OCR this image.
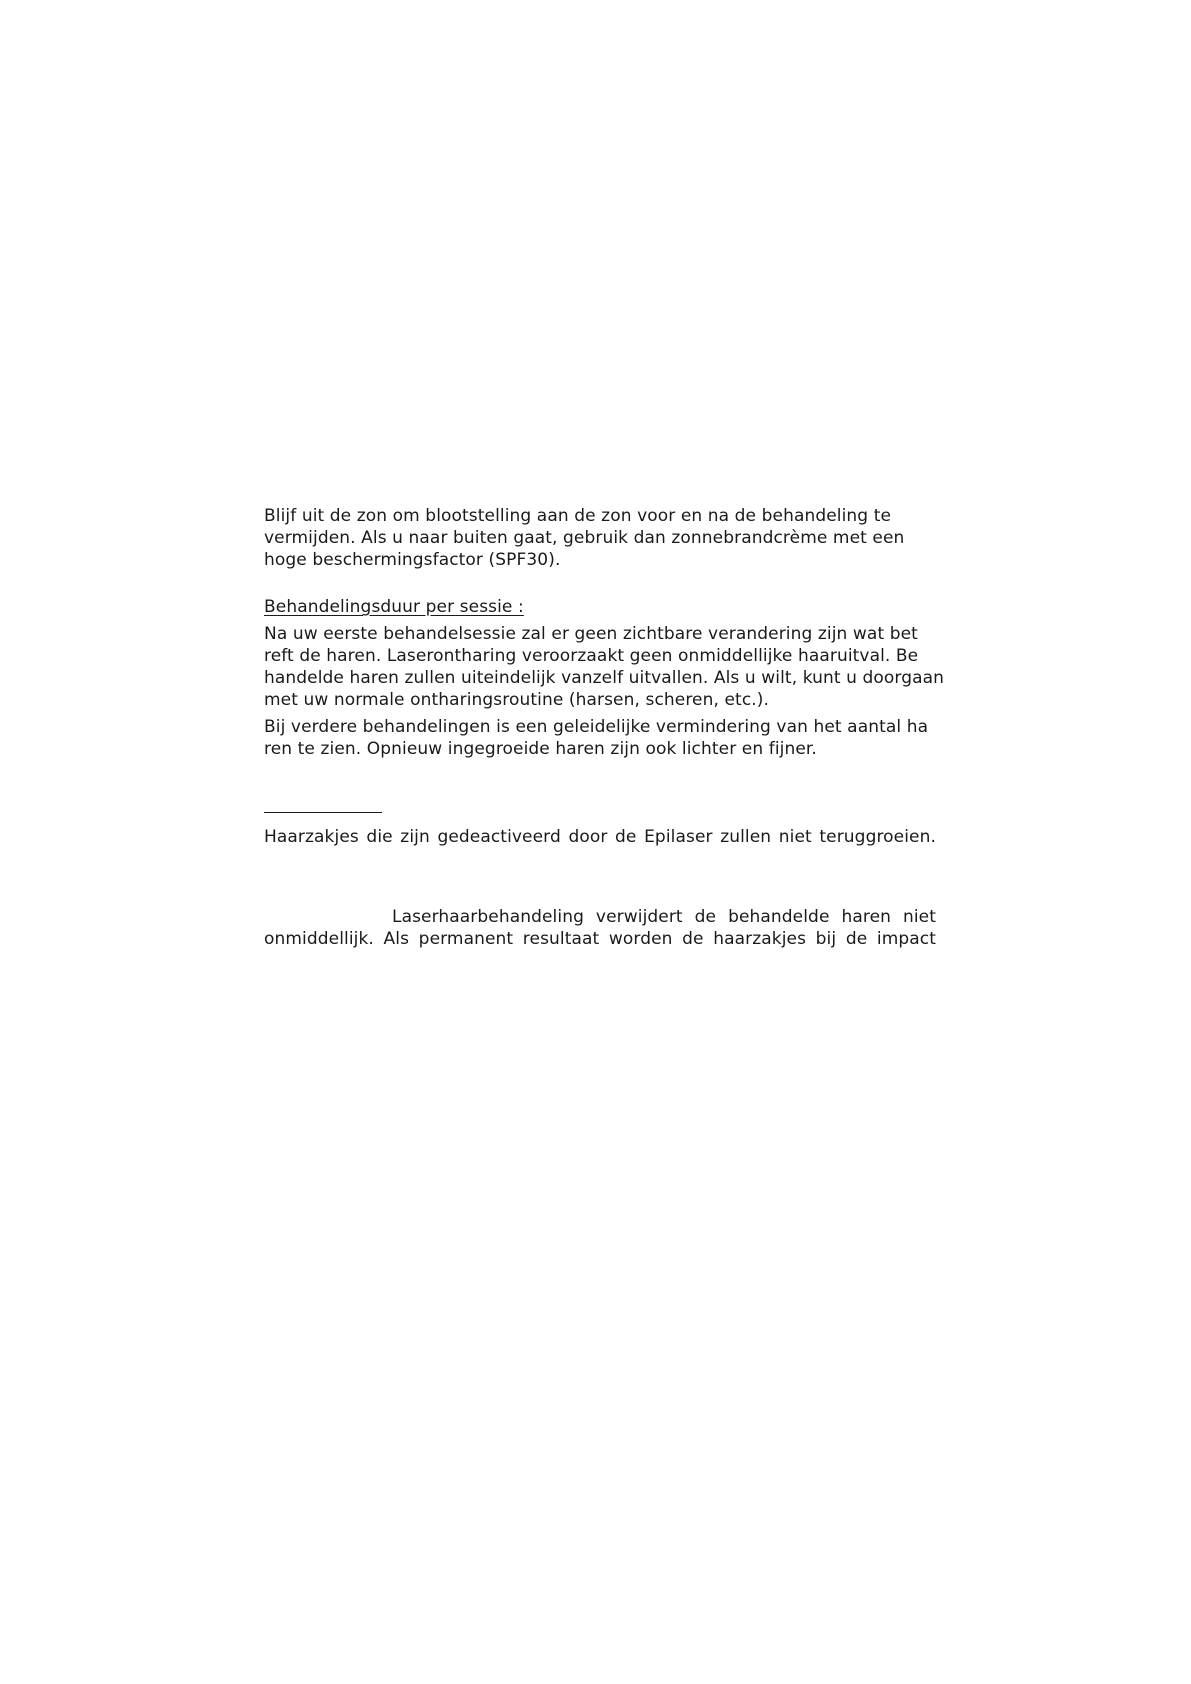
Blijf uit de zon om blootstelling aan de zon voor en na de behandeling te
vermijden. Als u naar buiten gaat, gebruik dan zonnebrandcrème met een
hoge beschermingsfactor (SPF30).
Behandelingsduur per sessie :
Na uw eerste behandelsessie zal er geen zichtbare verandering zijn wat bet
reft de haren. Laserontharing veroorzaakt geen onmiddellijke haaruitval. Be
handelde haren zullen uiteindelijk vanzelf uitvallen. Als u wilt, kunt u doorgaan
met uw normale ontharingsroutine (harsen, scheren, etc.).
Bij verdere behandelingen is een geleidelijke vermindering van het aantal ha
ren te zien. Opnieuw ingegroeide haren zijn ook lichter en fijner.
Haarzakjes die zijn gedeactiveerd door de Epilaser zullen niet teruggroeien.
Laserhaarbehandeling verwijdert de behandelde haren niet
onmiddellijk. Als permanent resultaat worden de haarzakjes bij de impact
